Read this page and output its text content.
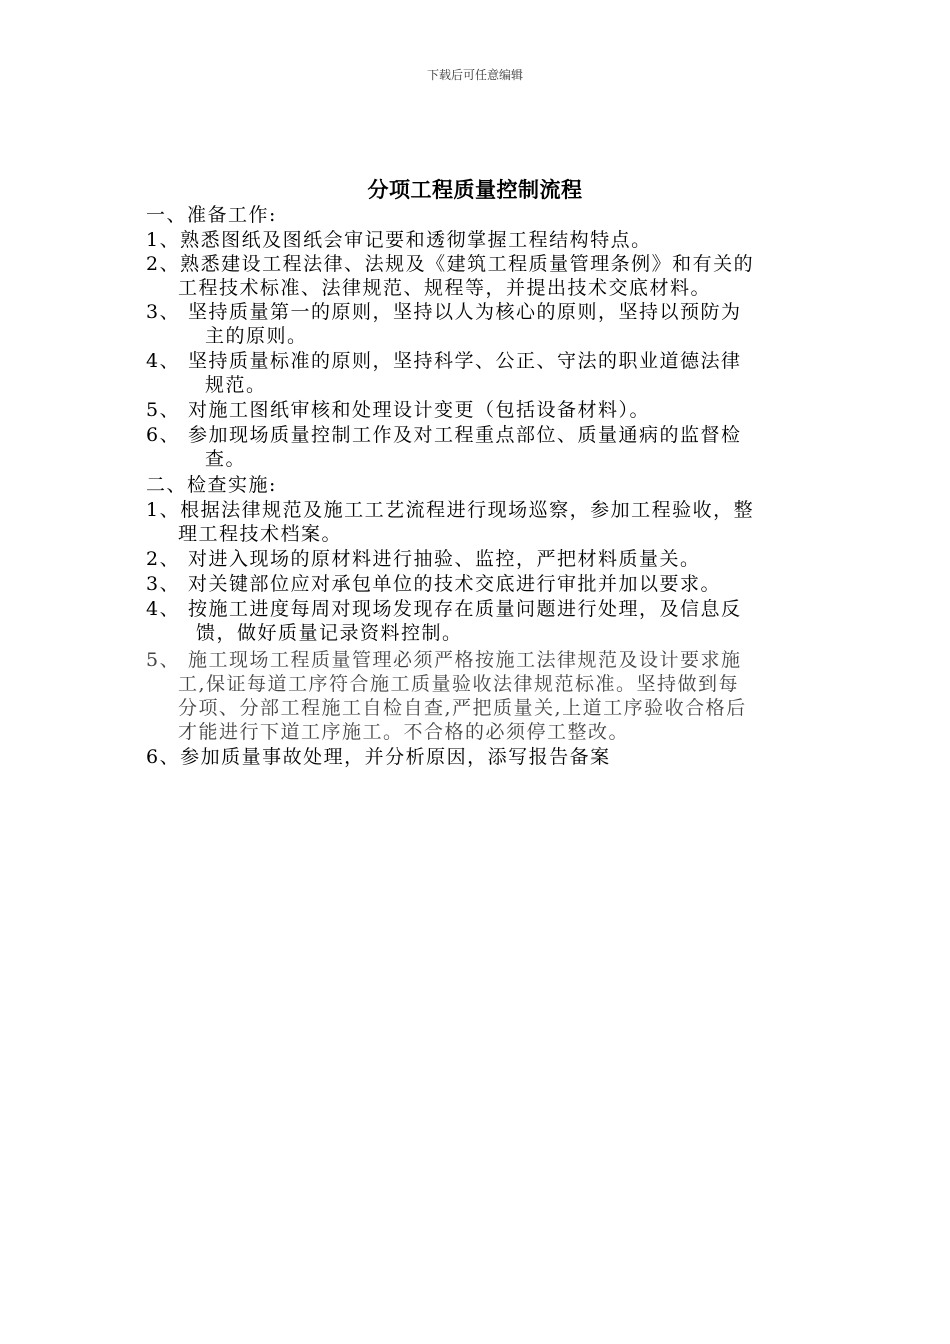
下载后可任意编辑
分项工程质量控制流程
一、准备工作:
1、熟悉图纸及图纸会审记要和透彻掌握工程结构特点。
2、熟悉建设工程法律、法规及《建筑工程质量管理条例》和有关的
工程技术标准、法律规范、规程等，并提出技术交底材料。
3、 坚持质量第一的原则，坚持以人为核心的原则，坚持以预防为
主的原则。
4、 坚持质量标准的原则，坚持科学、公正、守法的职业道德法律
规范。
5、 对施工图纸审核和处理设计变更（包括设备材料）。
6、 参加现场质量控制工作及对工程重点部位、质量通病的监督检
查。
二、检查实施:
1、根据法律规范及施工工艺流程进行现场巡察，参加工程验收，整
理工程技术档案。
2、 对进入现场的原材料进行抽验、监控，严把材料质量关。
3、 对关键部位应对承包单位的技术交底进行审批并加以要求。
4、 按施工进度每周对现场发现存在质量问题进行处理，及信息反
馈，做好质量记录资料控制。
5、 施工现场工程质量管理必须严格按施工法律规范及设计要求施
工,保证每道工序符合施工质量验收法律规范标准。坚持做到每
分项、分部工程施工自检自查,严把质量关,上道工序验收合格后
才能进行下道工序施工。不合格的必须停工整改。
6、参加质量事故处理，并分析原因，添写报告备案
